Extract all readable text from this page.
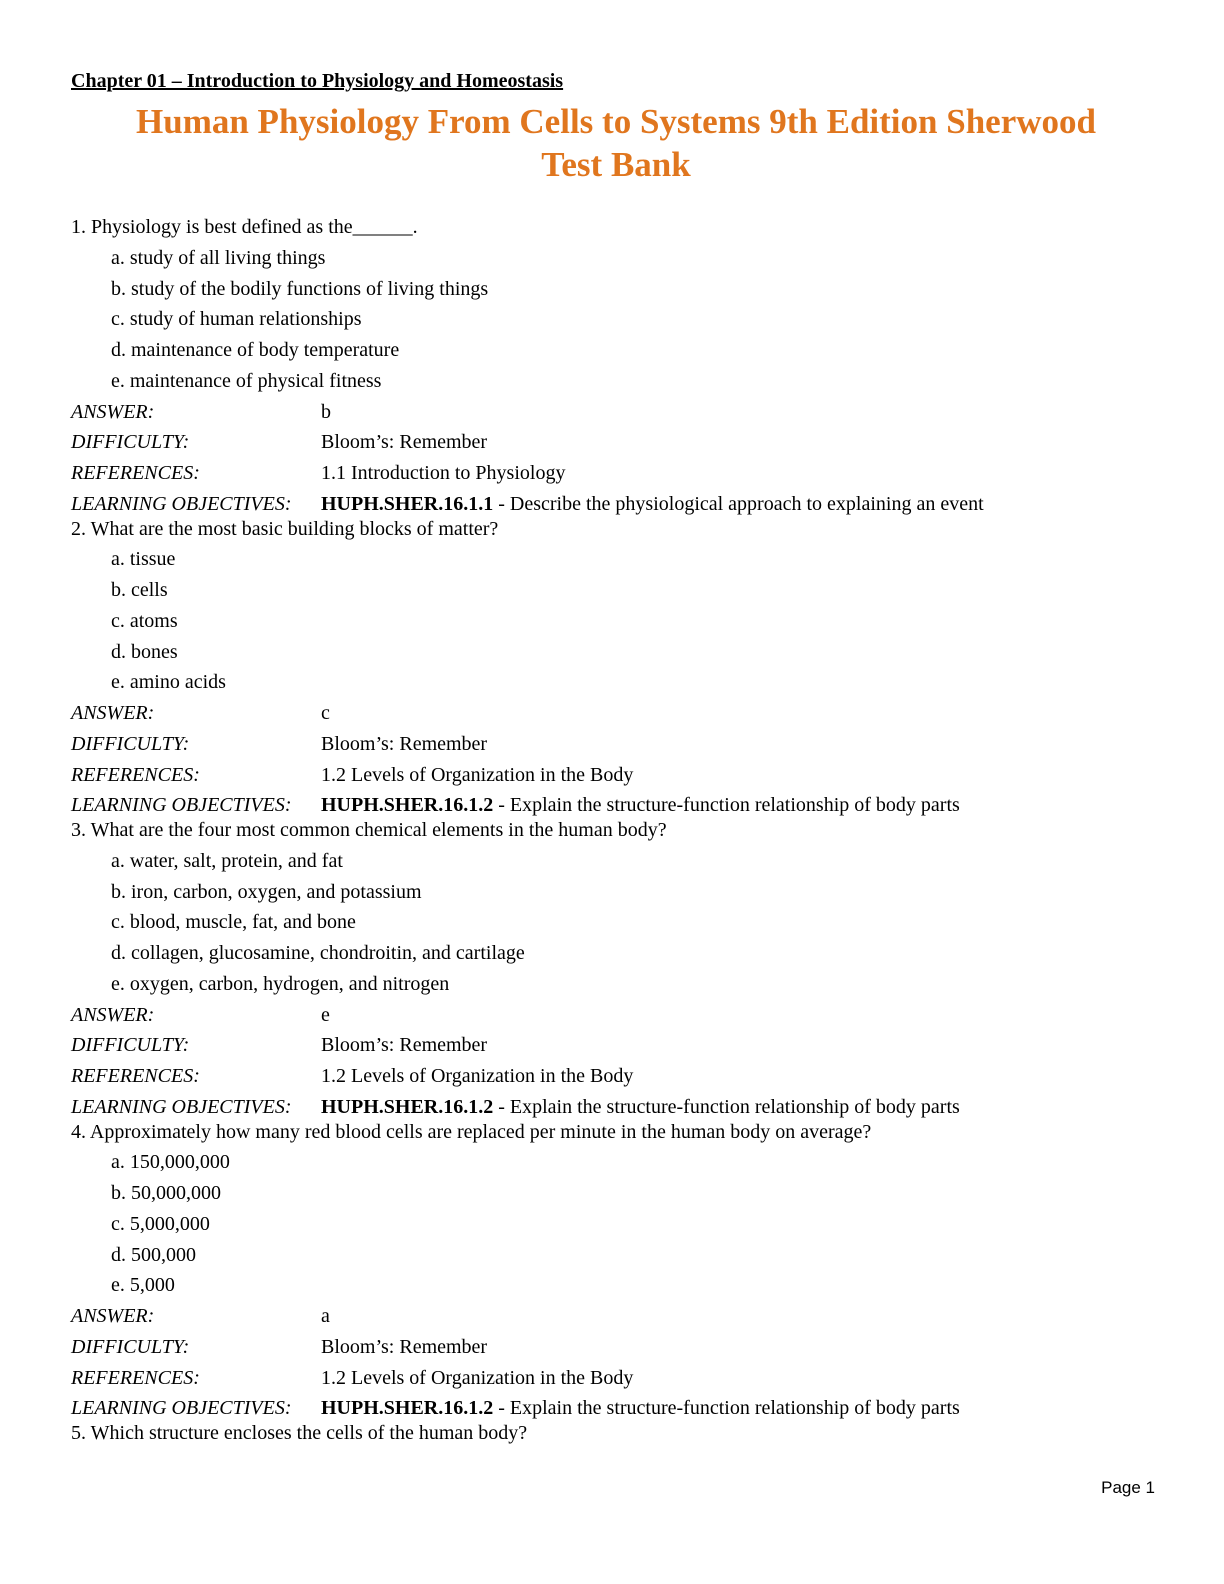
Chapter 01 – Introduction to Physiology and Homeostasis
Human Physiology From Cells to Systems 9th Edition Sherwood
Test Bank
1. Physiology is best defined as the______.
a. study of all living things
b. study of the bodily functions of living things
c. study of human relationships
d. maintenance of body temperature
e. maintenance of physical fitness
ANSWER:	b
DIFFICULTY:	Bloom’s: Remember
REFERENCES:	1.1 Introduction to Physiology
LEARNING OBJECTIVES:	HUPH.SHER.16.1.1 - Describe the physiological approach to explaining an event
2. What are the most basic building blocks of matter?
a. tissue
b. cells
c. atoms
d. bones
e. amino acids
ANSWER:	c
DIFFICULTY:	Bloom’s: Remember
REFERENCES:	1.2 Levels of Organization in the Body
LEARNING OBJECTIVES:	HUPH.SHER.16.1.2 - Explain the structure-function relationship of body parts
3. What are the four most common chemical elements in the human body?
a. water, salt, protein, and fat
b. iron, carbon, oxygen, and potassium
c. blood, muscle, fat, and bone
d. collagen, glucosamine, chondroitin, and cartilage
e. oxygen, carbon, hydrogen, and nitrogen
ANSWER:	e
DIFFICULTY:	Bloom’s: Remember
REFERENCES:	1.2 Levels of Organization in the Body
LEARNING OBJECTIVES:	HUPH.SHER.16.1.2 - Explain the structure-function relationship of body parts
4. Approximately how many red blood cells are replaced per minute in the human body on average?
a. 150,000,000
b. 50,000,000
c. 5,000,000
d. 500,000
e. 5,000
ANSWER:	a
DIFFICULTY:	Bloom’s: Remember
REFERENCES:	1.2 Levels of Organization in the Body
LEARNING OBJECTIVES:	HUPH.SHER.16.1.2 - Explain the structure-function relationship of body parts
5. Which structure encloses the cells of the human body?
Page 1
